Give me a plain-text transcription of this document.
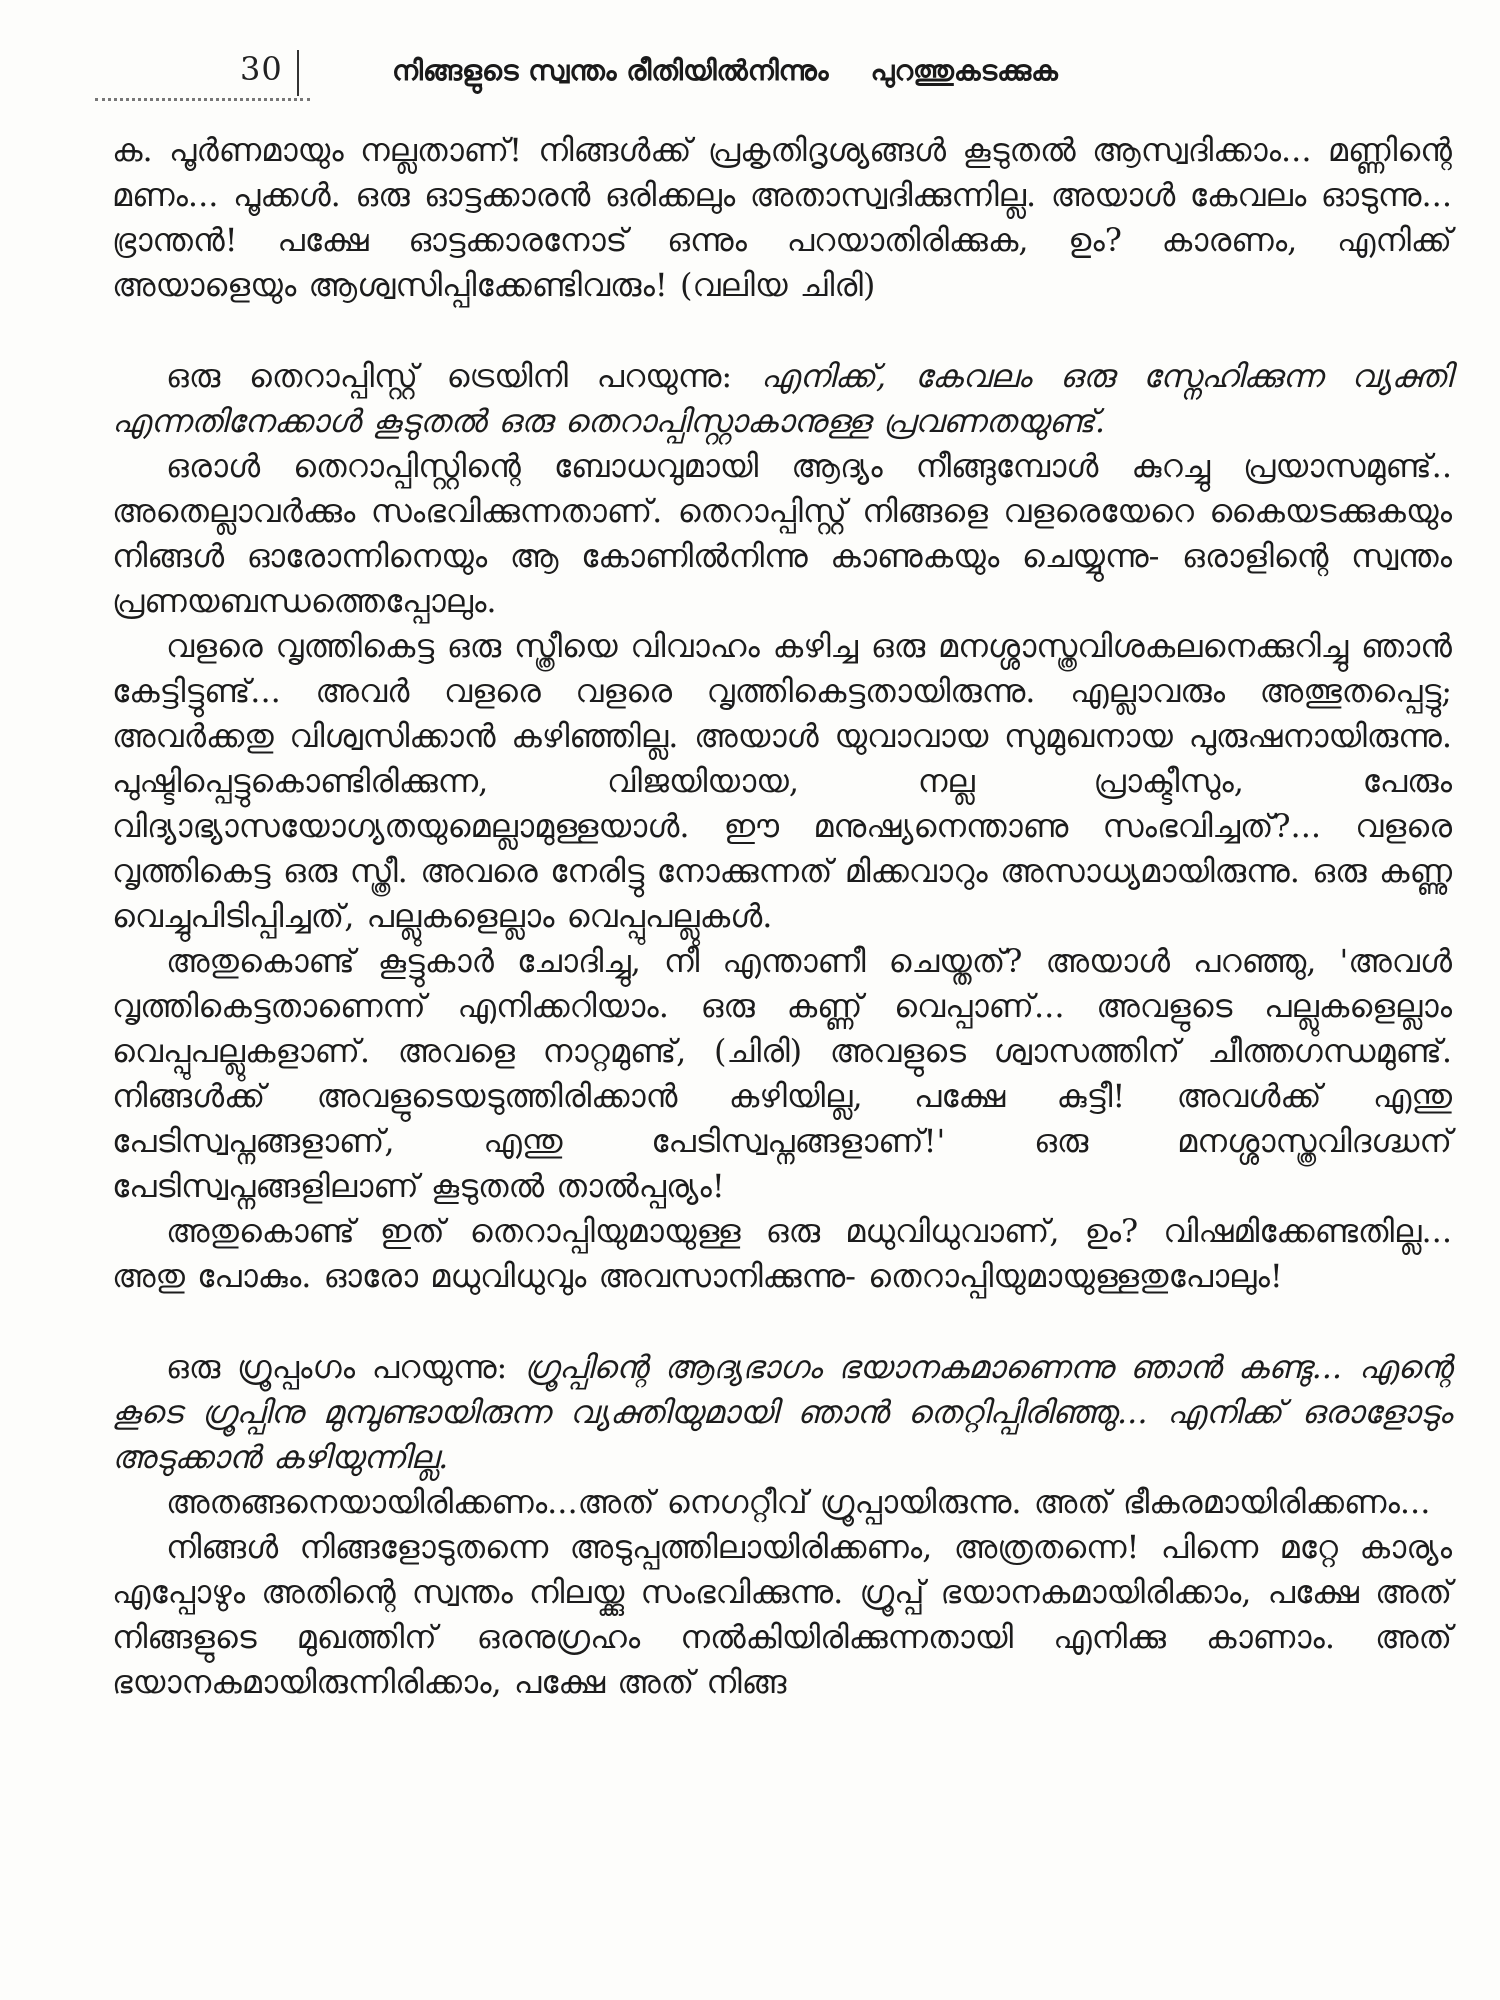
30	നിങ്ങളുടെ സ്വന്തം രീതിയിൽനിന്നും പുറത്തുകടക്കുക

ക. പൂർണമായും നല്ലതാണ്! നിങ്ങൾക്ക് പ്രകൃതിദൃശ്യങ്ങൾ കൂടുതൽ ആസ്വദിക്കാം... മണ്ണിന്റെ മണം... പൂക്കൾ. ഒരു ഓട്ടക്കാരൻ ഒരിക്കലും അതാസ്വദിക്കുന്നില്ല. അയാൾ കേവലം ഓടുന്നു... ഭ്രാന്തൻ! പക്ഷേ ഓട്ടക്കാരനോട് ഒന്നും പറയാതിരിക്കുക, ഉം? കാരണം, എനിക്ക് അയാളെയും ആശ്വസിപ്പിക്കേണ്ടിവരും! (വലിയ ചിരി)

ഒരു തെറാപ്പിസ്റ്റ് ട്രെയിനി പറയുന്നു: എനിക്ക്, കേവലം ഒരു സ്നേഹിക്കുന്ന വ്യക്തി എന്നതിനേക്കാൾ കൂടുതൽ ഒരു തെറാപ്പിസ്റ്റാകാനുള്ള പ്രവണതയുണ്ട്.

ഒരാൾ തെറാപ്പിസ്റ്റിന്റെ ബോധവുമായി ആദ്യം നീങ്ങുമ്പോൾ കുറച്ചു പ്രയാസമുണ്ട്.. അതെല്ലാവർക്കും സംഭവിക്കുന്നതാണ്. തെറാപ്പിസ്റ്റ് നിങ്ങളെ വളരെയേറെ കൈയടക്കുകയും നിങ്ങൾ ഓരോന്നിനെയും ആ കോണിൽനിന്നു കാണുകയും ചെയ്യുന്നു- ഒരാളിന്റെ സ്വന്തം പ്രണയബന്ധത്തെപ്പോലും.

വളരെ വൃത്തികെട്ട ഒരു സ്ത്രീയെ വിവാഹം കഴിച്ച ഒരു മനശ്ശാസ്ത്രവിശകലനെക്കുറിച്ചു ഞാൻ കേട്ടിട്ടുണ്ട്... അവർ വളരെ വളരെ വൃത്തികെട്ടതായിരുന്നു. എല്ലാവരും അത്ഭുതപ്പെട്ടു; അവർക്കതു വിശ്വസിക്കാൻ കഴിഞ്ഞില്ല. അയാൾ യുവാവായ സുമുഖനായ പുരുഷനായിരുന്നു. പുഷ്ടിപ്പെട്ടുകൊണ്ടിരിക്കുന്ന, വിജയിയായ, നല്ല പ്രാക്ടീസും, പേരും വിദ്യാഭ്യാസയോഗ്യതയുമെല്ലാമുള്ളയാൾ. ഈ മനുഷ്യനെന്താണു സംഭവിച്ചത്?... വളരെ വൃത്തികെട്ട ഒരു സ്ത്രീ. അവരെ നേരിട്ടു നോക്കുന്നത് മിക്കവാറും അസാധ്യമായിരുന്നു. ഒരു കണ്ണു വെച്ചുപിടിപ്പിച്ചത്, പല്ലുകളെല്ലാം വെപ്പുപല്ലുകൾ.

അതുകൊണ്ട് കൂട്ടുകാർ ചോദിച്ചു, നീ എന്താണീ ചെയ്തത്? അയാൾ പറഞ്ഞു, 'അവൾ വൃത്തികെട്ടതാണെന്ന് എനിക്കറിയാം. ഒരു കണ്ണ് വെപ്പാണ്... അവളുടെ പല്ലുകളെല്ലാം വെപ്പുപല്ലുകളാണ്. അവളെ നാറ്റമുണ്ട്, (ചിരി) അവളുടെ ശ്വാസത്തിന് ചീത്തഗന്ധമുണ്ട്. നിങ്ങൾക്ക് അവളുടെയടുത്തിരിക്കാൻ കഴിയില്ല, പക്ഷേ കുട്ടീ! അവൾക്ക് എന്തു പേടിസ്വപ്നങ്ങളാണ്, എന്തു പേടിസ്വപ്നങ്ങളാണ്!' ഒരു മനശ്ശാസ്ത്രവിദഗ്ദ്ധന് പേടിസ്വപ്നങ്ങളിലാണ് കൂടുതൽ താൽപ്പര്യം!

അതുകൊണ്ട് ഇത് തെറാപ്പിയുമായുള്ള ഒരു മധുവിധുവാണ്, ഉം? വിഷമിക്കേണ്ടതില്ല... അതു പോകും. ഓരോ മധുവിധുവും അവസാനിക്കുന്നു- തെറാപ്പിയുമായുള്ളതുപോലും!

ഒരു ഗ്രൂപ്പംഗം പറയുന്നു: ഗ്രൂപ്പിന്റെ ആദ്യഭാഗം ഭയാനകമാണെന്നു ഞാൻ കണ്ടു... എന്റെ കൂടെ ഗ്രൂപ്പിനു മുമ്പുണ്ടായിരുന്ന വ്യക്തിയുമായി ഞാൻ തെറ്റിപ്പിരിഞ്ഞു... എനിക്ക് ഒരാളോടും അടുക്കാൻ കഴിയുന്നില്ല.

അതങ്ങനെയായിരിക്കണം...അത് നെഗറ്റീവ് ഗ്രൂപ്പായിരുന്നു. അത് ഭീകരമായിരിക്കണം...

നിങ്ങൾ നിങ്ങളോടുതന്നെ അടുപ്പത്തിലായിരിക്കണം, അത്രതന്നെ! പിന്നെ മറ്റേ കാര്യം എപ്പോഴും അതിന്റെ സ്വന്തം നിലയ്ക്കു സംഭവിക്കുന്നു. ഗ്രൂപ്പ് ഭയാനകമായിരിക്കാം, പക്ഷേ അത് നിങ്ങളുടെ മുഖത്തിന് ഒരനുഗ്രഹം നൽകിയിരിക്കുന്നതായി എനിക്കു കാണാം. അത് ഭയാനകമായിരുന്നിരിക്കാം, പക്ഷേ അത് നിങ്ങ
